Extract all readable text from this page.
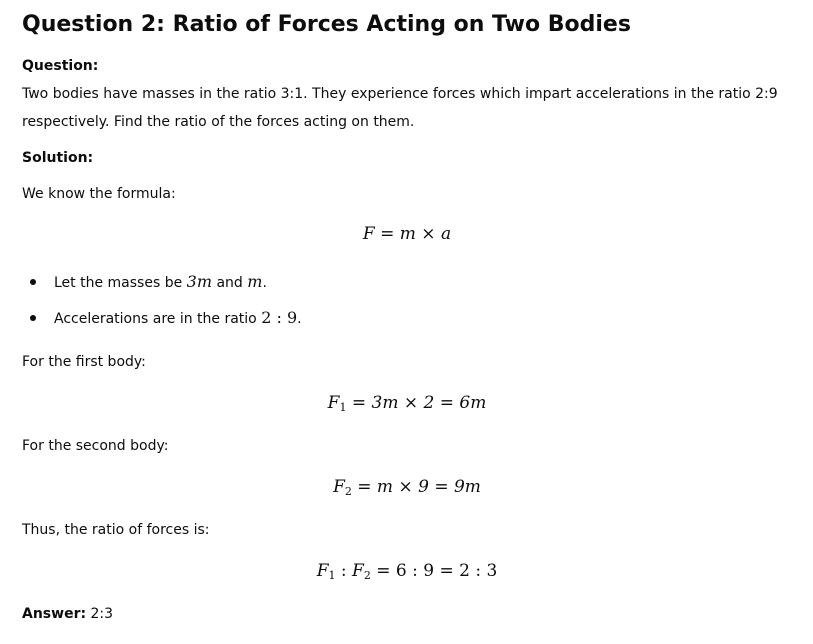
Question 2: Ratio of Forces Acting on Two Bodies
Question:
Two bodies have masses in the ratio 3:1. They experience forces which impart accelerations in the ratio 2:9 respectively. Find the ratio of the forces acting on them.
Solution:
We know the formula:
F = m × a
Let the masses be 3m and m.
Accelerations are in the ratio 2 : 9.
For the first body:
$F_1 = 3m \times 2 = 6m$
For the second body:
$F_2 = m \times 9 = 9m$
Thus, the ratio of forces is:
$F_1$ : $F_2 = 6$ : 9 = 2 : 3
Answer: 2:3
